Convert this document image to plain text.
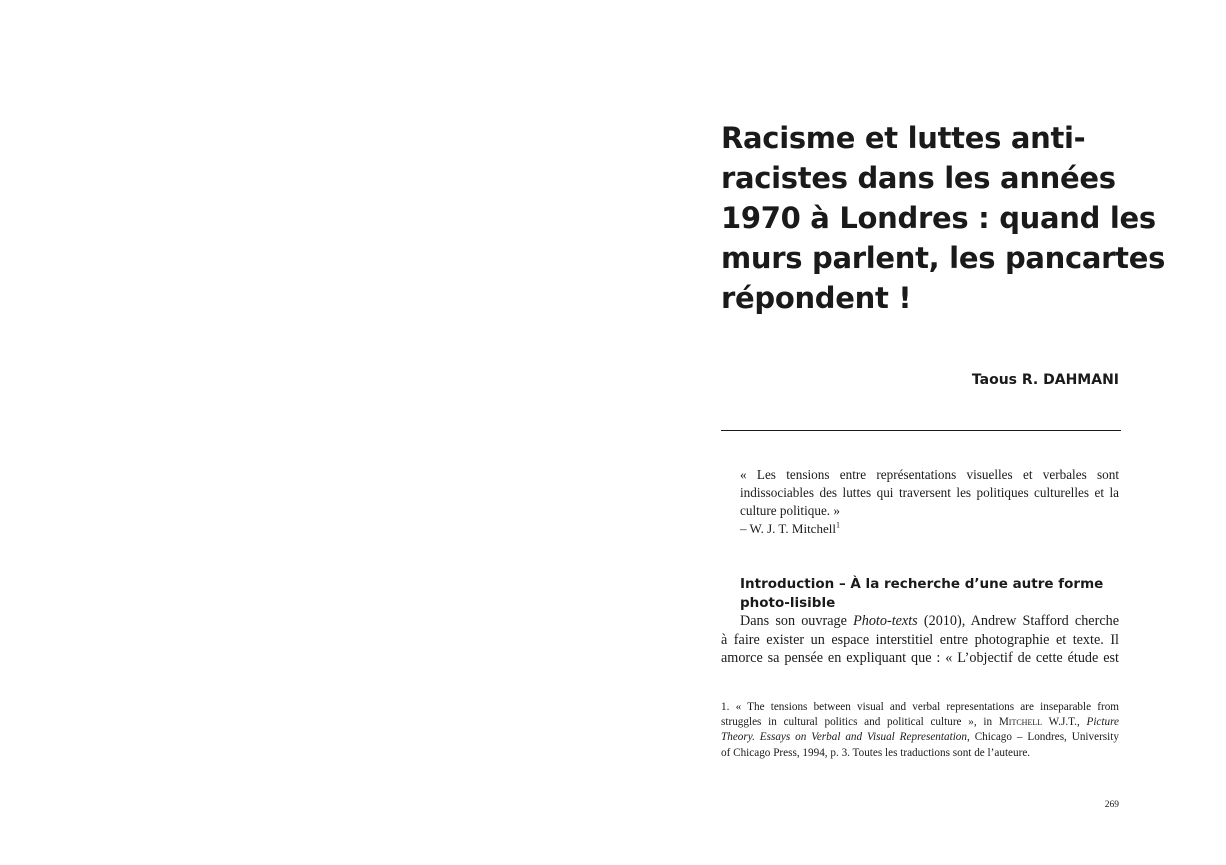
Racisme et luttes anti-
racistes dans les années
1970 à Londres : quand les
murs parlent, les pancartes
répondent !
Taous R. DAHMANI
« Les tensions entre représentations visuelles et verbales sont indissociables des luttes qui traversent les politiques culturelles et la culture politique. »
– W. J. T. Mitchell$^1$
Introduction – À la recherche d’une autre forme
photo-lisible
Dans son ouvrage Photo-texts (2010), Andrew Stafford cherche
à faire exister un espace interstitiel entre photographie et texte. Il
amorce sa pensée en expliquant que : « L’objectif de cette étude est
1. « The tensions between visual and verbal representations are inseparable from
struggles in cultural politics and political culture », in Mitchell W.J.T., Picture
Theory. Essays on Verbal and Visual Representation, Chicago – Londres, University
of Chicago Press, 1994, p. 3. Toutes les traductions sont de l’auteure.
269
